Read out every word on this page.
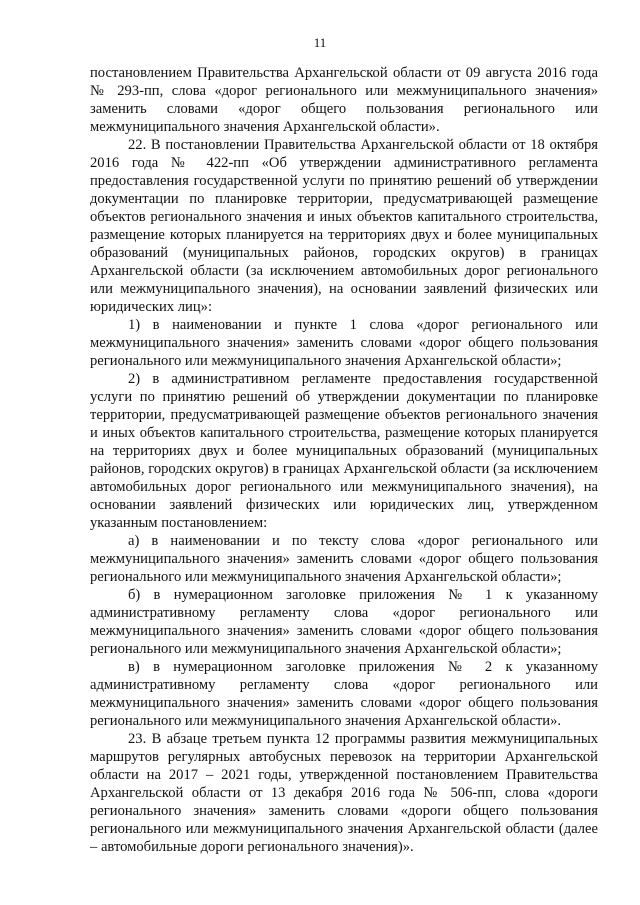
11

постановлением Правительства Архангельской области от 09 августа 2016 года № 293-пп, слова «дорог регионального или межмуниципального значения» заменить словами «дорог общего пользования регионального или межмуниципального значения Архангельской области».

22. В постановлении Правительства Архангельской области от 18 октября 2016 года № 422-пп «Об утверждении административного регламента предоставления государственной услуги по принятию решений об утверждении документации по планировке территории, предусматривающей размещение объектов регионального значения и иных объектов капитального строительства, размещение которых планируется на территориях двух и более муниципальных образований (муниципальных районов, городских округов) в границах Архангельской области (за исключением автомобильных дорог регионального или межмуниципального значения), на основании заявлений физических или юридических лиц»:

1) в наименовании и пункте 1 слова «дорог регионального или межмуниципального значения» заменить словами «дорог общего пользования регионального или межмуниципального значения Архангельской области»;

2) в административном регламенте предоставления государственной услуги по принятию решений об утверждении документации по планировке территории, предусматривающей размещение объектов регионального значения и иных объектов капитального строительства, размещение которых планируется на территориях двух и более муниципальных образований (муниципальных районов, городских округов) в границах Архангельской области (за исключением автомобильных дорог регионального или межмуниципального значения), на основании заявлений физических или юридических лиц, утвержденном указанным постановлением:

а) в наименовании и по тексту слова «дорог регионального или межмуниципального значения» заменить словами «дорог общего пользования регионального или межмуниципального значения Архангельской области»;

б) в нумерационном заголовке приложения № 1 к указанному административному регламенту слова «дорог регионального или межмуниципального значения» заменить словами «дорог общего пользования регионального или межмуниципального значения Архангельской области»;

в) в нумерационном заголовке приложения № 2 к указанному административному регламенту слова «дорог регионального или межмуниципального значения» заменить словами «дорог общего пользования регионального или межмуниципального значения Архангельской области».

23. В абзаце третьем пункта 12 программы развития межмуниципальных маршрутов регулярных автобусных перевозок на территории Архангельской области на 2017 – 2021 годы, утвержденной постановлением Правительства Архангельской области от 13 декабря 2016 года № 506-пп, слова «дороги регионального значения» заменить словами «дороги общего пользования регионального или межмуниципального значения Архангельской области (далее – автомобильные дороги регионального значения)».
